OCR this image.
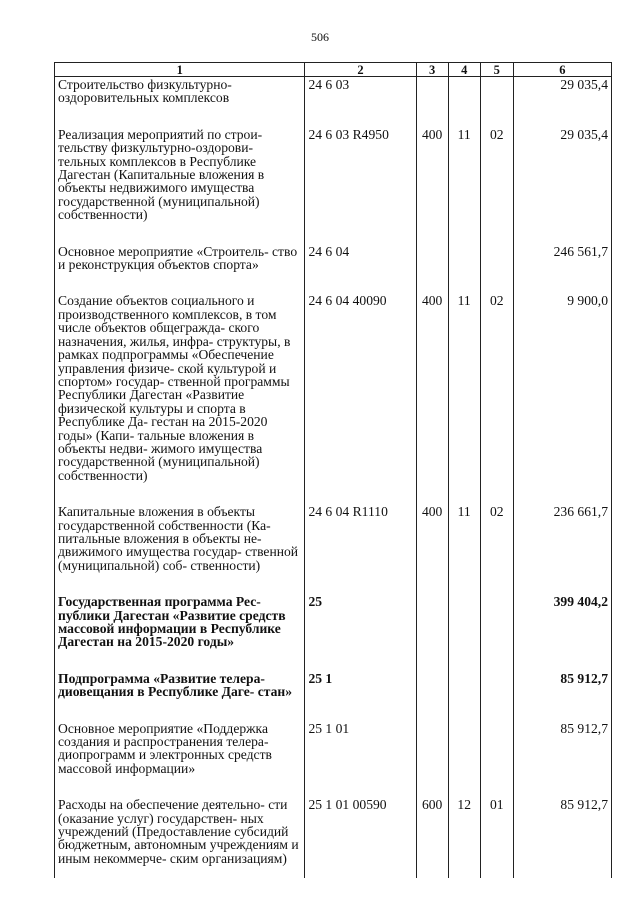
506
1	2	3	4	5	6
Строительство физкультурно- оздоровительных комплексов	24 6 03				29 035,4
Реализация мероприятий по строи- тельству физкультурно-оздорови- тельных комплексов в Республике Дагестан (Капитальные вложения в объекты недвижимого имущества государственной (муниципальной) собственности)	24 6 03 R4950	400	11	02	29 035,4
Основное мероприятие «Строитель- ство и реконструкция объектов спорта»	24 6 04				246 561,7
Создание объектов социального и производственного комплексов, в том числе объектов общегражда- ского назначения, жилья, инфра- структуры, в рамках подпрограммы «Обеспечение управления физиче- ской культурой и спортом» государ- ственной программы Республики Дагестан «Развитие физической культуры и спорта в Республике Да- гестан на 2015-2020 годы» (Капи- тальные вложения в объекты недви- жимого имущества государственной (муниципальной) собственности)	24 6 04 40090	400	11	02	9 900,0
Капитальные вложения в объекты государственной собственности (Ка- питальные вложения в объекты не- движимого имущества государ- ственной (муниципальной) соб- ственности)	24 6 04 R1110	400	11	02	236 661,7
Государственная программа Рес- публики Дагестан «Развитие средств массовой информации в Республике Дагестан на 2015-2020 годы»	25				399 404,2
Подпрограмма «Развитие телера- диовещания в Республике Даге- стан»	25 1				85 912,7
Основное мероприятие «Поддержка создания и распространения телера- диопрограмм и электронных средств массовой информации»	25 1 01				85 912,7
Расходы на обеспечение деятельно- сти (оказание услуг) государствен- ных учреждений (Предоставление субсидий бюджетным, автономным учреждениям и иным некоммерче- ским организациям)	25 1 01 00590	600	12	01	85 912,7
